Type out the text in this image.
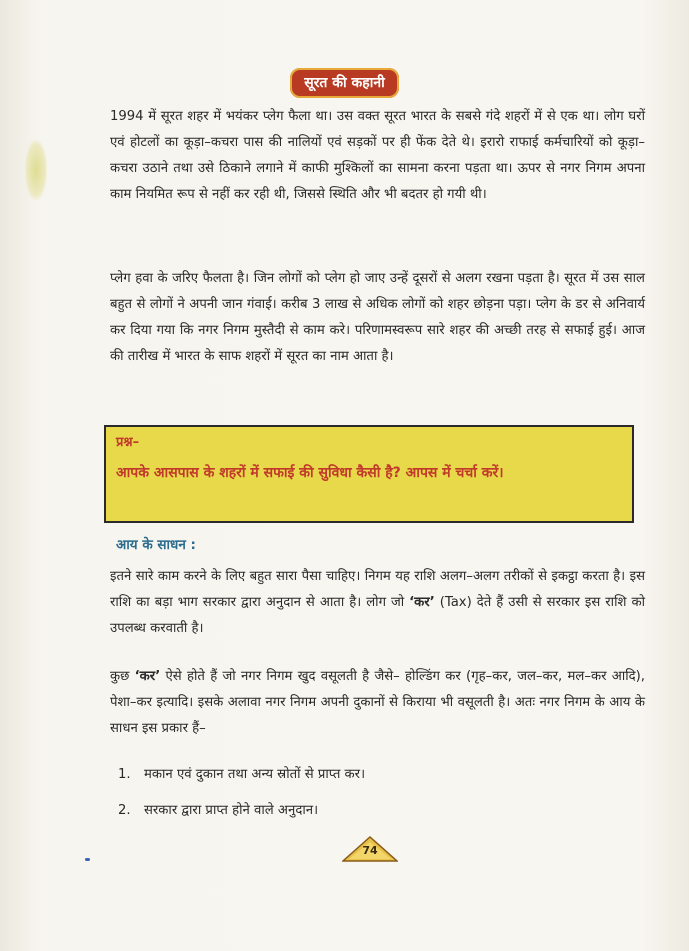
सूरत की कहानी

1994 में सूरत शहर में भयंकर प्लेग फैला था। उस वक्त सूरत भारत के सबसे गंदे शहरों में से एक था। लोग घरों एवं होटलों का कूड़ा–कचरा पास की नालियों एवं सड़कों पर ही फेंक देते थे। इरारो राफाई कर्मचारियों को कूड़ा–कचरा उठाने तथा उसे ठिकाने लगाने में काफी मुश्किलों का सामना करना पड़ता था। ऊपर से नगर निगम अपना काम नियमित रूप से नहीं कर रही थी, जिससे स्थिति और भी बदतर हो गयी थी।

प्लेग हवा के जरिए फैलता है। जिन लोगों को प्लेग हो जाए उन्हें दूसरों से अलग रखना पड़ता है। सूरत में उस साल बहुत से लोगों ने अपनी जान गंवाई। करीब 3 लाख से अधिक लोगों को शहर छोड़ना पड़ा। प्लेग के डर से अनिवार्य कर दिया गया कि नगर निगम मुस्तैदी से काम करे। परिणामस्वरूप सारे शहर की अच्छी तरह से सफाई हुई। आज की तारीख में भारत के साफ शहरों में सूरत का नाम आता है।

प्रश्न–
आपके आसपास के शहरों में सफाई की सुविधा कैसी है? आपस में चर्चा करें।
आय के साधन :

इतने सारे काम करने के लिए बहुत सारा पैसा चाहिए। निगम यह राशि अलग–अलग तरीकों से इकट्ठा करता है। इस राशि का बड़ा भाग सरकार द्वारा अनुदान से आता है। लोग जो ‘कर’ (Tax) देते हैं उसी से सरकार इस राशि को उपलब्ध करवाती है।

कुछ ‘कर’ ऐसे होते हैं जो नगर निगम खुद वसूलती है जैसे– होल्डिंग कर (गृह–कर, जल–कर, मल–कर आदि), पेशा–कर इत्यादि। इसके अलावा नगर निगम अपनी दुकानों से किराया भी वसूलती है। अतः नगर निगम के आय के साधन इस प्रकार हैं–

1. मकान एवं दुकान तथा अन्य स्रोतों से प्राप्त कर।
2. सरकार द्वारा प्राप्त होने वाले अनुदान।
74
